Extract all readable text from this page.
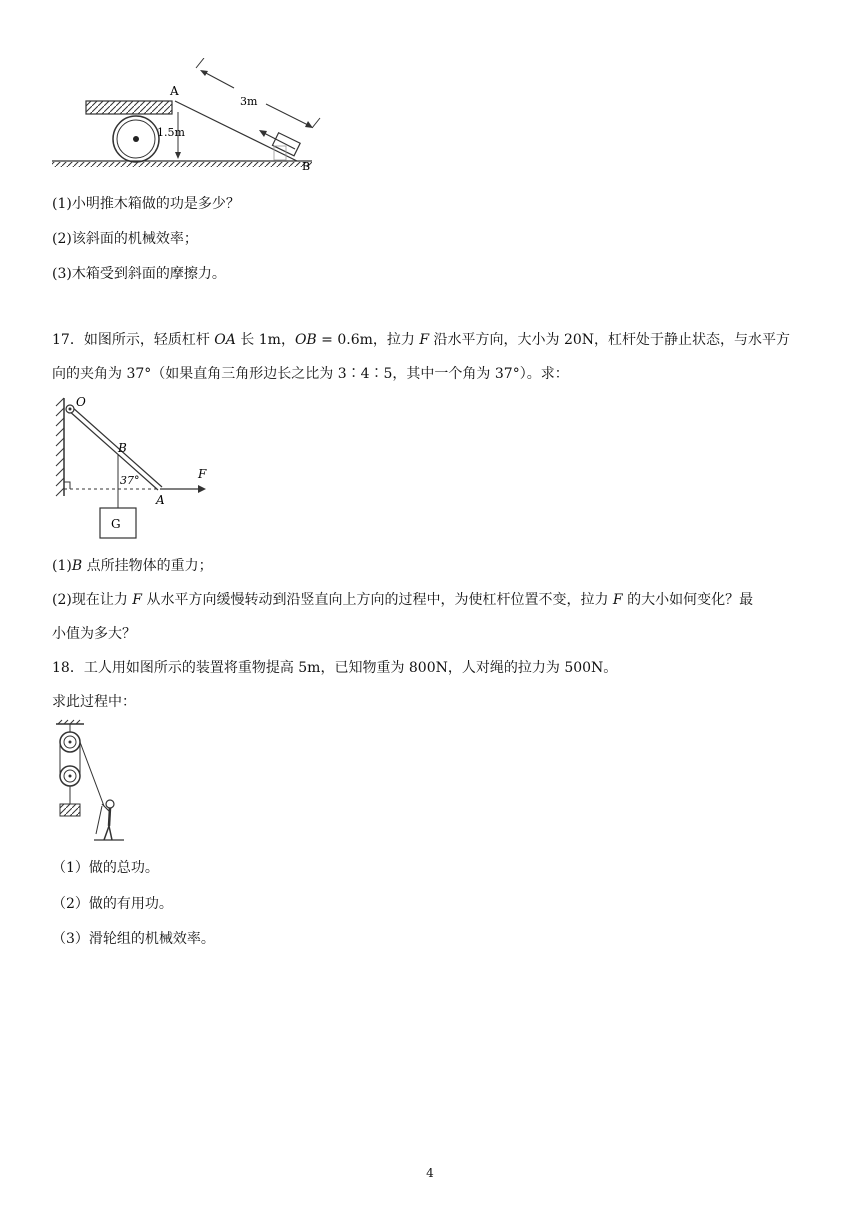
A
B
1.5m
3m
(1)小明推木箱做的功是多少？
(2)该斜面的机械效率；
(3)木箱受到斜面的摩擦力。
17．如图所示，轻质杠杆 OA 长 1m，OB = 0.6m，拉力 F 沿水平方向，大小为 20N，杠杆处于静止状态，与水平方
向的夹角为 37°（如果直角三角形边长之比为 3∶4∶5，其中一个角为 37°）。求：
G
O
B
A
F
37°
(1)B 点所挂物体的重力；
(2)现在让力 F 从水平方向缓慢转动到沿竖直向上方向的过程中，为使杠杆位置不变，拉力 F 的大小如何变化？最
小值为多大？
18．工人用如图所示的装置将重物提高 5m，已知物重为 800N，人对绳的拉力为 500N。
求此过程中：
（1）做的总功。
（2）做的有用功。
（3）滑轮组的机械效率。
4
